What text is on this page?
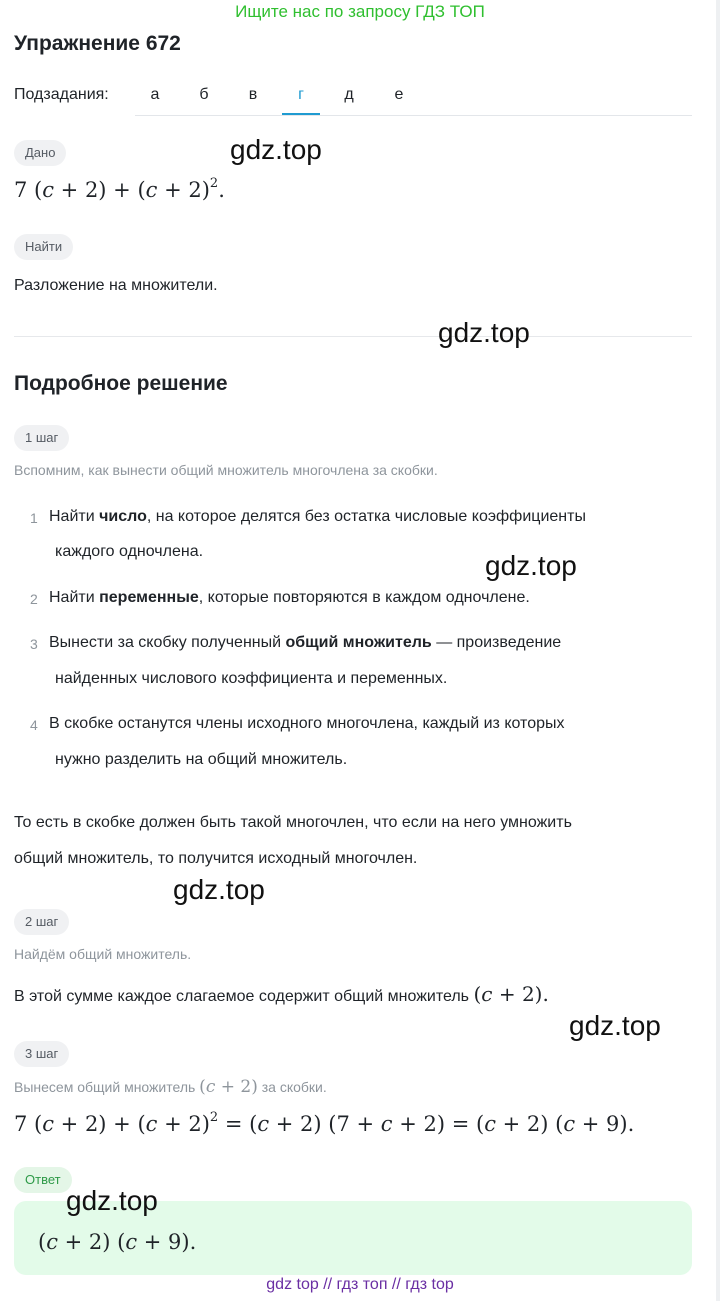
Ищите нас по запросу ГДЗ ТОП
Упражнение 672
Подзадания:	а	б	в	г	д	е
Дано
7 $(c + 2) + (c + 2)^2$.
Найти
Разложение на множители.
Подробное решение
1 шаг
Вспомним, как вынести общий множитель многочлена за скобки.
1 Найти число, на которое делятся без остатка числовые коэффициенты
каждого одночлена.
2 Найти переменные, которые повторяются в каждом одночлене.
3 Вынести за скобку полученный общий множитель — произведение
найденных числового коэффициента и переменных.
4 В скобке останутся члены исходного многочлена, каждый из которых
нужно разделить на общий множитель.
То есть в скобке должен быть такой многочлен, что если на него умножить
общий множитель, то получится исходный многочлен.
2 шаг
Найдём общий множитель.
В этой сумме каждое слагаемое содержит общий множитель (c + 2).
3 шаг
Вынесем общий множитель (c + 2) за скобки.
7 $(c + 2) + (c + 2)^2 = (c + 2)$ (7 + c + 2) = (c + 2) (c + 9).
Ответ
(c + 2) (c + 9).
gdz.top
gdz.top
gdz.top
gdz.top
gdz.top
gdz.top
gdz top // гдз топ // гдз top
